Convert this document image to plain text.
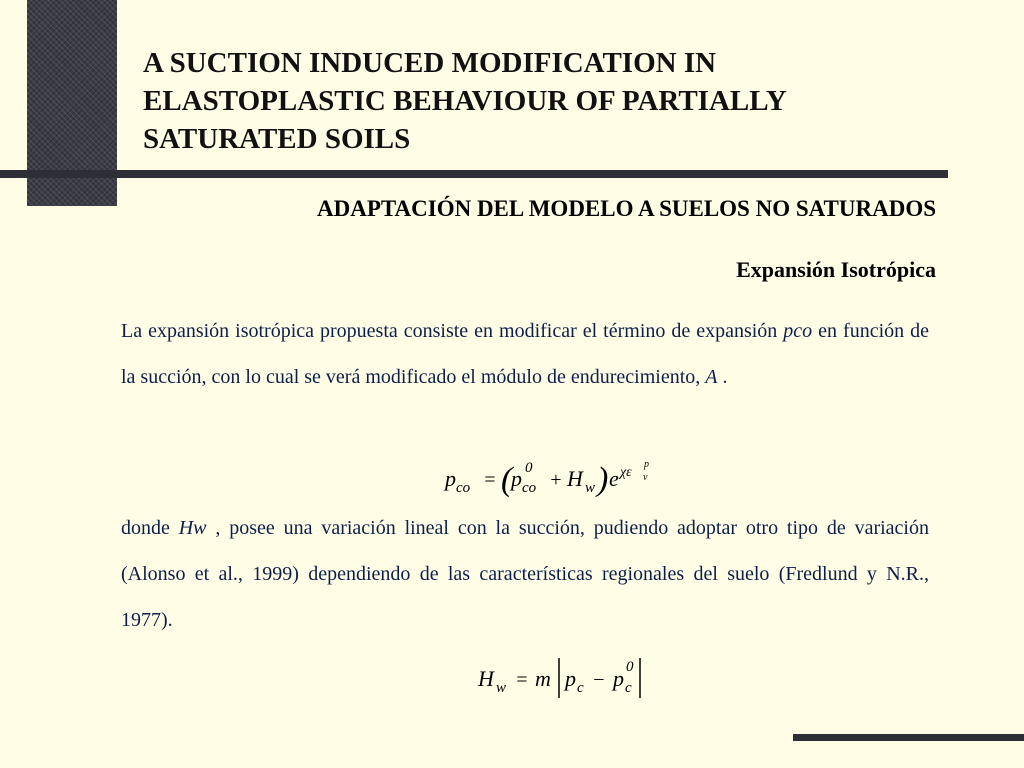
A SUCTION INDUCED MODIFICATION IN
ELASTOPLASTIC BEHAVIOUR OF PARTIALLY
SATURATED SOILS
ADAPTACIÓN DEL MODELO A SUELOS NO SATURADOS
Expansión Isotrópica
La expansión isotrópica propuesta consiste en modificar el término de expansión pco en función de la succión, con lo cual se verá modificado el módulo de endurecimiento, A .
p co = (
p 0
co + H w ) e χε
p
v
donde Hw , posee una variación lineal con la succión, pudiendo adoptar otro tipo de variación (Alonso et al., 1999) dependiendo de las características regionales del suelo (Fredlund y N.R., 1977).
H w = m p c − p 0
c
